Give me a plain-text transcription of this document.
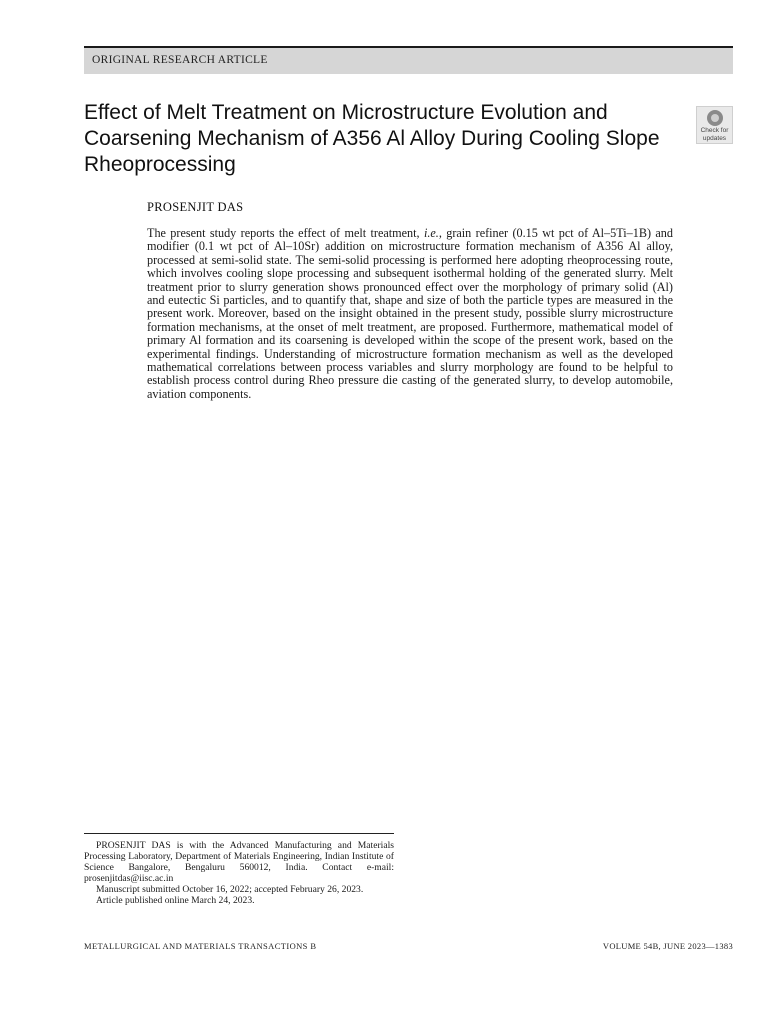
ORIGINAL RESEARCH ARTICLE
Effect of Melt Treatment on Microstructure Evolution and Coarsening Mechanism of A356 Al Alloy During Cooling Slope Rheoprocessing
Check for
updates
PROSENJIT DAS

The present study reports the effect of melt treatment, i.e., grain refiner (0.15 wt pct of Al–5Ti–1B) and modifier (0.1 wt pct of Al–10Sr) addition on microstructure formation mechanism of A356 Al alloy, processed at semi-solid state. The semi-solid processing is performed here adopting rheoprocessing route, which involves cooling slope processing and subsequent isothermal holding of the generated slurry. Melt treatment prior to slurry generation shows pronounced effect over the morphology of primary solid (Al) and eutectic Si particles, and to quantify that, shape and size of both the particle types are measured in the present work. Moreover, based on the insight obtained in the present study, possible slurry microstructure formation mechanisms, at the onset of melt treatment, are proposed. Furthermore, mathematical model of primary Al formation and its coarsening is developed within the scope of the present work, based on the experimental findings. Understanding of microstructure formation mechanism as well as the developed mathematical correlations between process variables and slurry morphology are found to be helpful to establish process control during Rheo pressure die casting of the generated slurry, to develop automobile, aviation components.

PROSENJIT DAS is with the Advanced Manufacturing and Materials Processing Laboratory, Department of Materials Engineering, Indian Institute of Science Bangalore, Bengaluru 560012, India. Contact e-mail: prosenjitdas@iisc.ac.in

Manuscript submitted October 16, 2022; accepted February 26, 2023.

Article published online March 24, 2023.

METALLURGICAL AND MATERIALS TRANSACTIONS B	VOLUME 54B, JUNE 2023—1383
